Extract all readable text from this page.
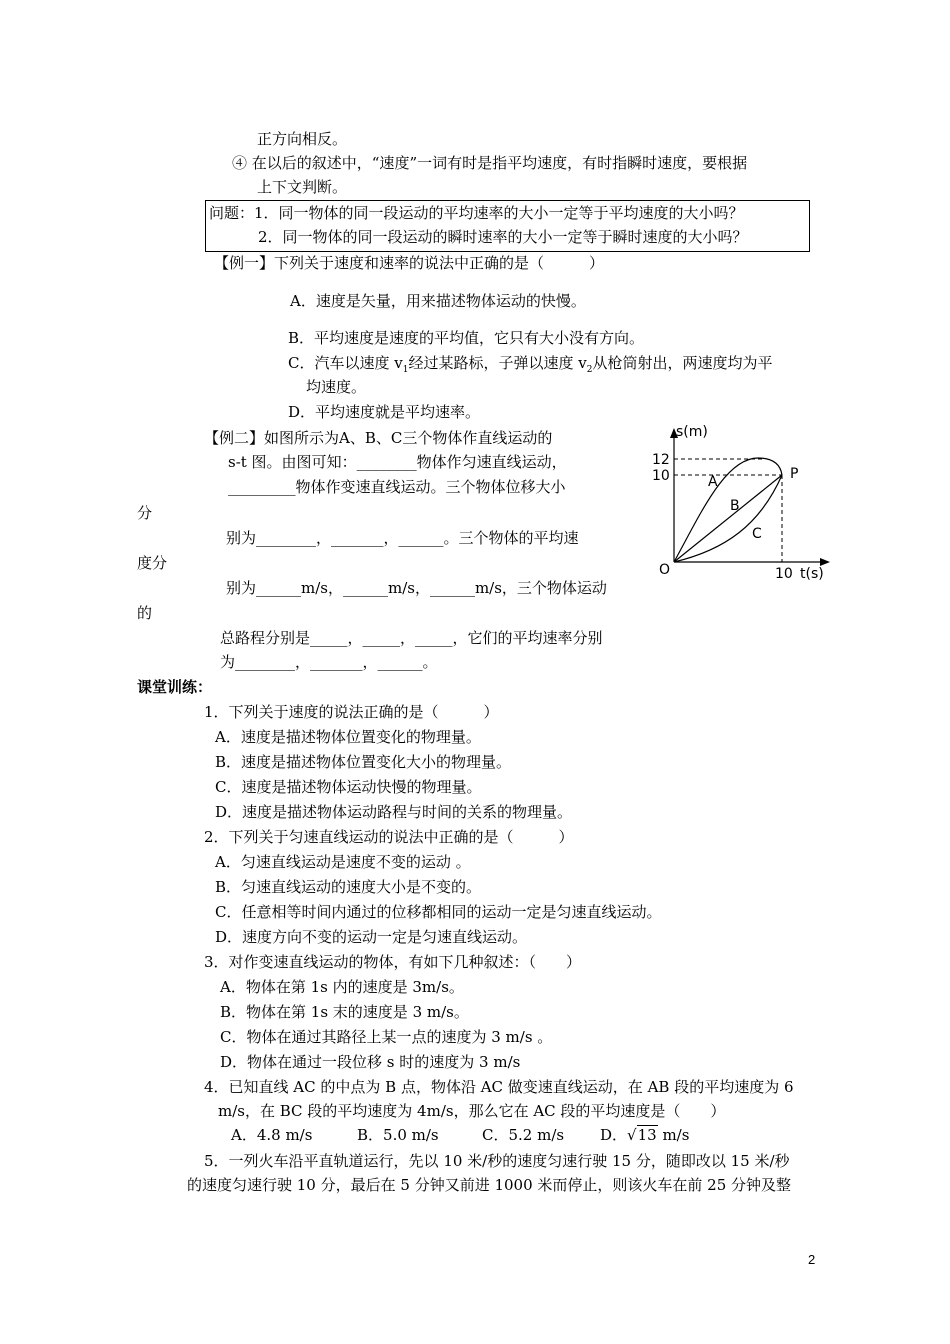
正方向相反。
④ 在以后的叙述中，“速度”一词有时是指平均速度，有时指瞬时速度，要根据
上下文判断。
问题：1．同一物体的同一段运动的平均速率的大小一定等于平均速度的大小吗？
2．同一物体的同一段运动的瞬时速率的大小一定等于瞬时速度的大小吗？
【例一】下列关于速度和速率的说法中正确的是（　　　）
A．速度是矢量，用来描述物体运动的快慢。
B．平均速度是速度的平均值，它只有大小没有方向。
C．汽车以速度 $v_1$经过某路标，子弹以速度 $v_2$从枪筒射出，两速度均为平
均速度。
D．平均速度就是平均速率。
【例二】如图所示为A、B、C三个物体作直线运动的
s-t 图。由图可知：________物体作匀速直线运动，
_________物体作变速直线运动。三个物体位移大小
分
别为________，_______，______。三个物体的平均速
度分
别为______m/s，______m/s，______m/s，三个物体运动
的
总路程分别是_____，_____，_____，它们的平均速率分别
为________，_______，______。
s(m)
12
10
O	10 t(s)
A
B
C
P
课堂训练：
1．下列关于速度的说法正确的是（　　　）
A．速度是描述物体位置变化的物理量。
B．速度是描述物体位置变化大小的物理量。
C．速度是描述物体运动快慢的物理量。
D．速度是描述物体运动路程与时间的关系的物理量。
2．下列关于匀速直线运动的说法中正确的是（　　　）
A．匀速直线运动是速度不变的运动 。
B．匀速直线运动的速度大小是不变的。
C．任意相等时间内通过的位移都相同的运动一定是匀速直线运动。
D．速度方向不变的运动一定是匀速直线运动。
3．对作变速直线运动的物体，有如下几种叙述：（　　）
A．物体在第 1s 内的速度是 3m/s。
B．物体在第 1s 末的速度是 3 m/s。
C．物体在通过其路径上某一点的速度为 3 m/s 。
D．物体在通过一段位移 s 时的速度为 3 m/s
4．已知直线 AC 的中点为 B 点，物体沿 AC 做变速直线运动，在 AB 段的平均速度为 6
m/s，在 BC 段的平均速度为 4m/s，那么它在 AC 段的平均速度是（　　）
A．4.8 m/s	B．5.0 m/s	C．5.2 m/s D．√13 m/s
5．一列火车沿平直轨道运行，先以 10 米/秒的速度匀速行驶 15 分，随即改以 15 米/秒
的速度匀速行驶 10 分，最后在 5 分钟又前进 1000 米而停止，则该火车在前 25 分钟及整
2
